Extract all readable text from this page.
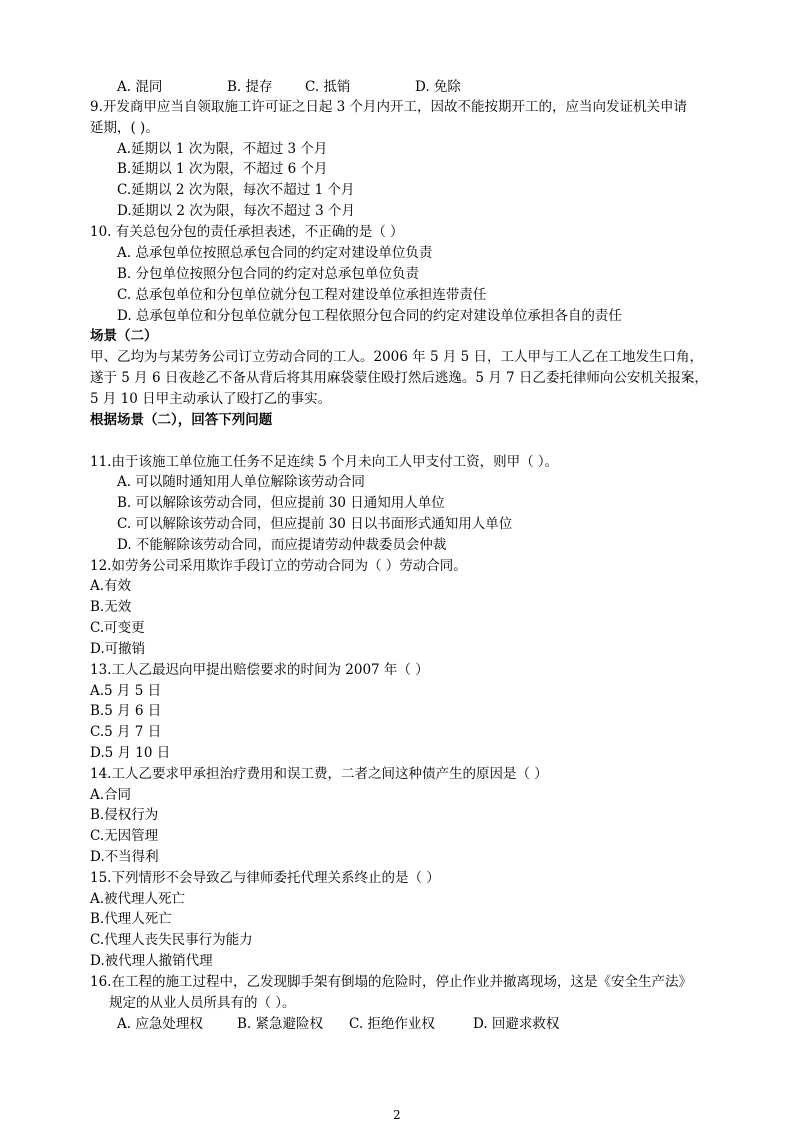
A. 混同	B. 提存 C. 抵销	D. 免除
9.开发商甲应当自领取施工许可证之日起 3 个月内开工，因故不能按期开工的，应当向发证机关申请
延期，( )。
A.延期以 1 次为限，不超过 3 个月
B.延期以 1 次为限，不超过 6 个月
C.延期以 2 次为限，每次不超过 1 个月
D.延期以 2 次为限，每次不超过 3 个月
10. 有关总包分包的责任承担表述，不正确的是（ ）
A. 总承包单位按照总承包合同的约定对建设单位负责
B. 分包单位按照分包合同的约定对总承包单位负责
C. 总承包单位和分包单位就分包工程对建设单位承担连带责任
D. 总承包单位和分包单位就分包工程依照分包合同的约定对建设单位承担各自的责任
场景（二）
甲、乙均为与某劳务公司订立劳动合同的工人。2006 年 5 月 5 日，工人甲与工人乙在工地发生口角，
遂于 5 月 6 日夜趁乙不备从背后将其用麻袋蒙住殴打然后逃逸。5 月 7 日乙委托律师向公安机关报案，
5 月 10 日甲主动承认了殴打乙的事实。
根据场景（二），回答下列问题
11.由于该施工单位施工任务不足连续 5 个月未向工人甲支付工资，则甲（ ）。
A. 可以随时通知用人单位解除该劳动合同
B. 可以解除该劳动合同，但应提前 30 日通知用人单位
C. 可以解除该劳动合同，但应提前 30 日以书面形式通知用人单位
D. 不能解除该劳动合同，而应提请劳动仲裁委员会仲裁
12.如劳务公司采用欺诈手段订立的劳动合同为（ ）劳动合同。
A.有效
B.无效
C.可变更
D.可撤销
13.工人乙最迟向甲提出赔偿要求的时间为 2007 年（ ）
A.5 月 5 日
B.5 月 6 日
C.5 月 7 日
D.5 月 10 日
14.工人乙要求甲承担治疗费用和误工费，二者之间这种债产生的原因是（ ）
A.合同
B.侵权行为
C.无因管理
D.不当得利
15.下列情形不会导致乙与律师委托代理关系终止的是（ ）
A.被代理人死亡
B.代理人死亡
C.代理人丧失民事行为能力
D.被代理人撤销代理
16.在工程的施工过程中，乙发现脚手架有倒塌的危险时，停止作业并撤离现场，这是《安全生产法》
规定的从业人员所具有的（ ）。
A. 应急处理权	B. 紧急避险权 C. 拒绝作业权	D. 回避求救权
2
